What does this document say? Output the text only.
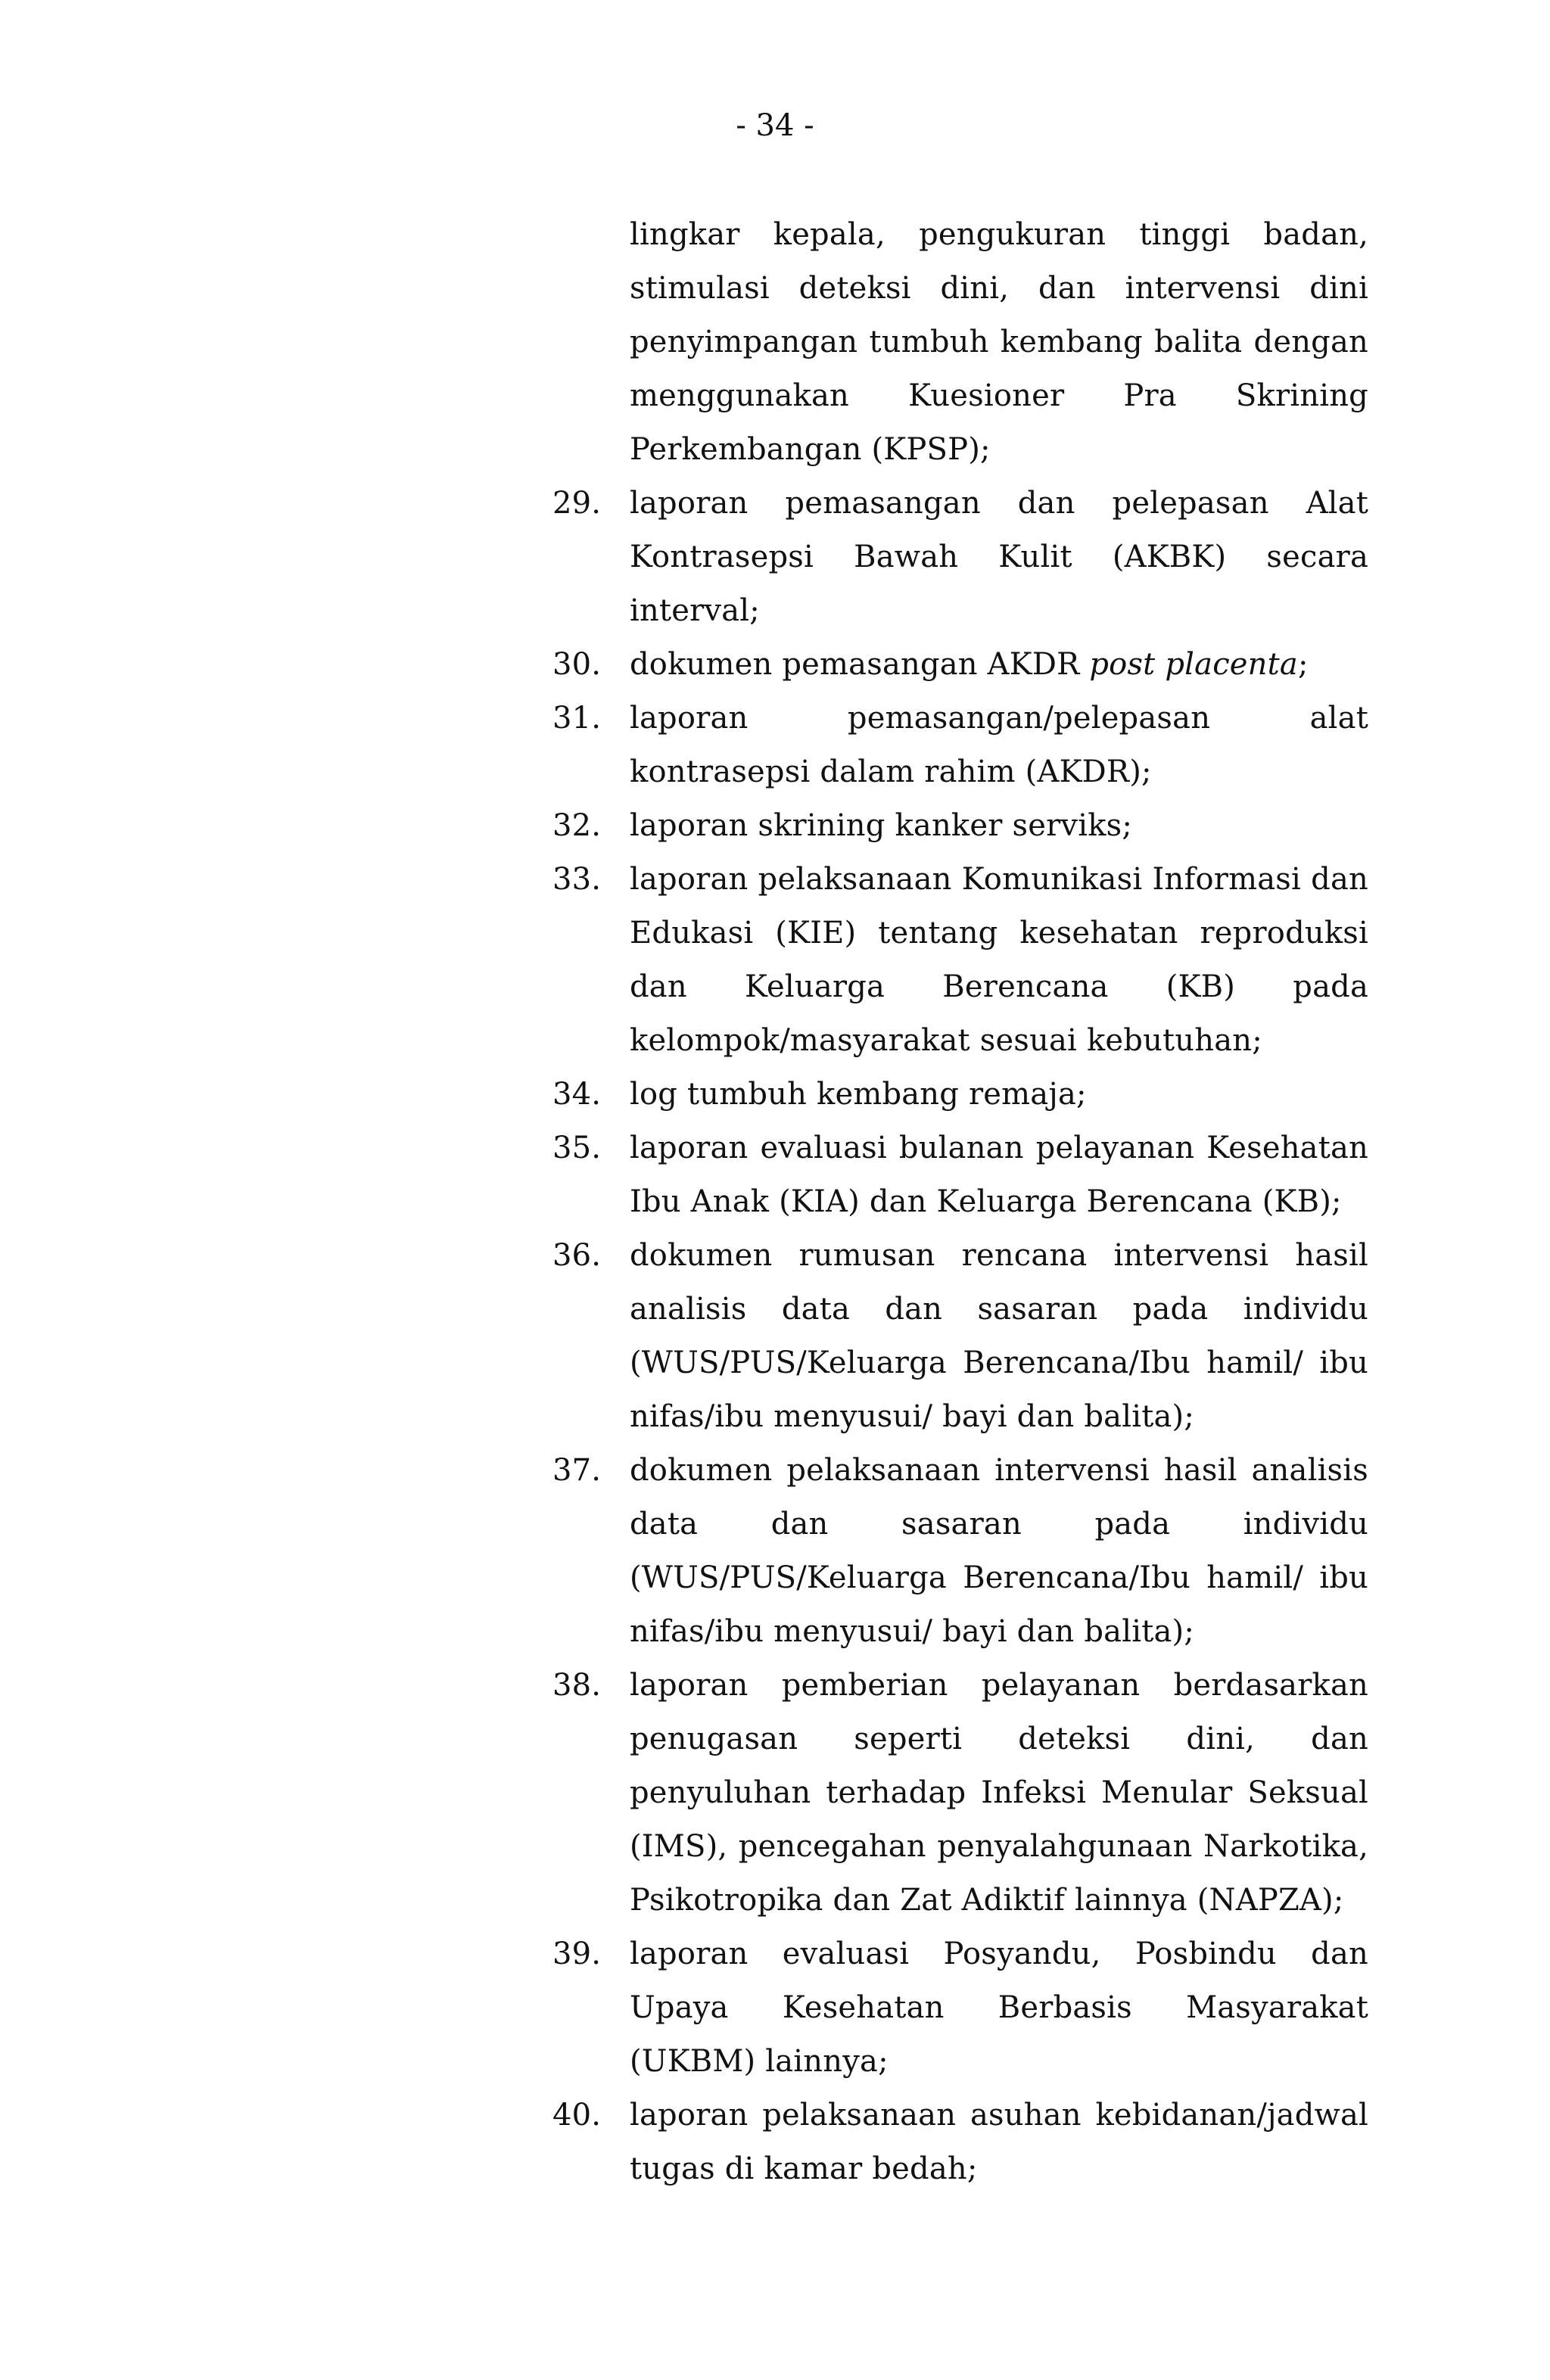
- 34 -
lingkar kepala, pengukuran tinggi badan, stimulasi deteksi dini, dan intervensi dini penyimpangan tumbuh kembang balita dengan menggunakan Kuesioner Pra Skrining Perkembangan (KPSP);
29. laporan pemasangan dan pelepasan Alat Kontrasepsi Bawah Kulit (AKBK) secara interval;
30. dokumen pemasangan AKDR post placenta;
31. laporan pemasangan/pelepasan alat kontrasepsi dalam rahim (AKDR);
32. laporan skrining kanker serviks;
33. laporan pelaksanaan Komunikasi Informasi dan Edukasi (KIE) tentang kesehatan reproduksi dan Keluarga Berencana (KB) pada kelompok/masyarakat sesuai kebutuhan;
34. log tumbuh kembang remaja;
35. laporan evaluasi bulanan pelayanan Kesehatan Ibu Anak (KIA) dan Keluarga Berencana (KB);
36. dokumen rumusan rencana intervensi hasil analisis data dan sasaran pada individu (WUS/PUS/Keluarga Berencana/Ibu hamil/ ibu nifas/ibu menyusui/ bayi dan balita);
37. dokumen pelaksanaan intervensi hasil analisis data dan sasaran pada individu (WUS/PUS/Keluarga Berencana/Ibu hamil/ ibu nifas/ibu menyusui/ bayi dan balita);
38. laporan pemberian pelayanan berdasarkan penugasan seperti deteksi dini, dan penyuluhan terhadap Infeksi Menular Seksual (IMS), pencegahan penyalahgunaan Narkotika, Psikotropika dan Zat Adiktif lainnya (NAPZA);
39. laporan evaluasi Posyandu, Posbindu dan Upaya Kesehatan Berbasis Masyarakat (UKBM) lainnya;
40. laporan pelaksanaan asuhan kebidanan/jadwal tugas di kamar bedah;
